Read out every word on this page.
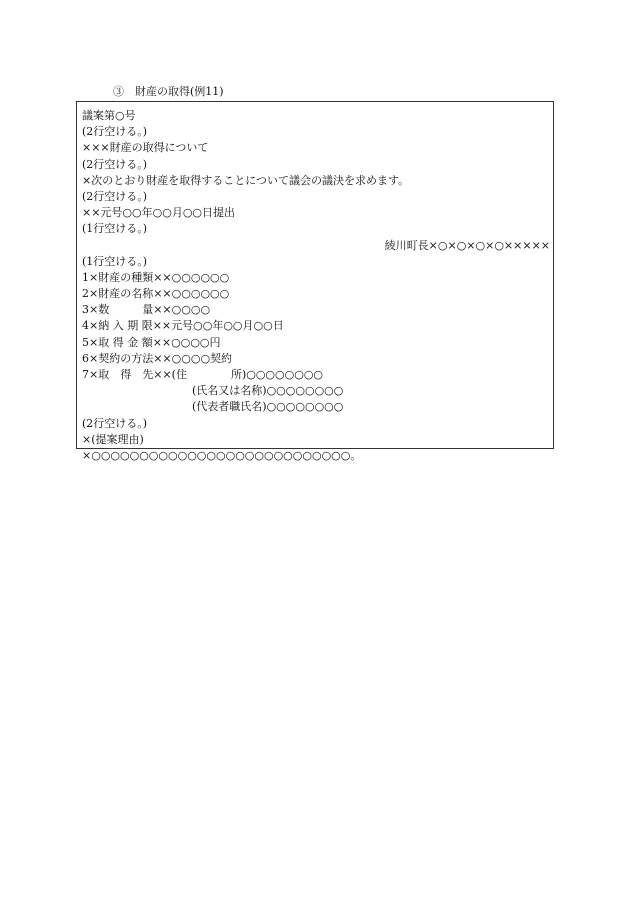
③　財産の取得(例11)
議案第○号
(2行空ける。)
×××財産の取得について
(2行空ける。)
×次のとおり財産を取得することについて議会の議決を求めます。
(2行空ける。)
××元号○○年○○月○○日提出
(1行空ける。)
綾川町長×○×○×○×○×××××
(1行空ける。)
1×財産の種類××○○○○○○
2×財産の名称××○○○○○○
3×数　　　量××○○○○
4×納 入 期 限××元号○○年○○月○○日
5×取 得 金 額××○○○○円
6×契約の方法××○○○○契約
7×取　得　先××(住　　　　所)○○○○○○○○
　　　　　　　　　　(氏名又は名称)○○○○○○○○
　　　　　　　　　　(代表者職氏名)○○○○○○○○
(2行空ける。)
×(提案理由)
×○○○○○○○○○○○○○○○○○○○○○○○○○○○。
